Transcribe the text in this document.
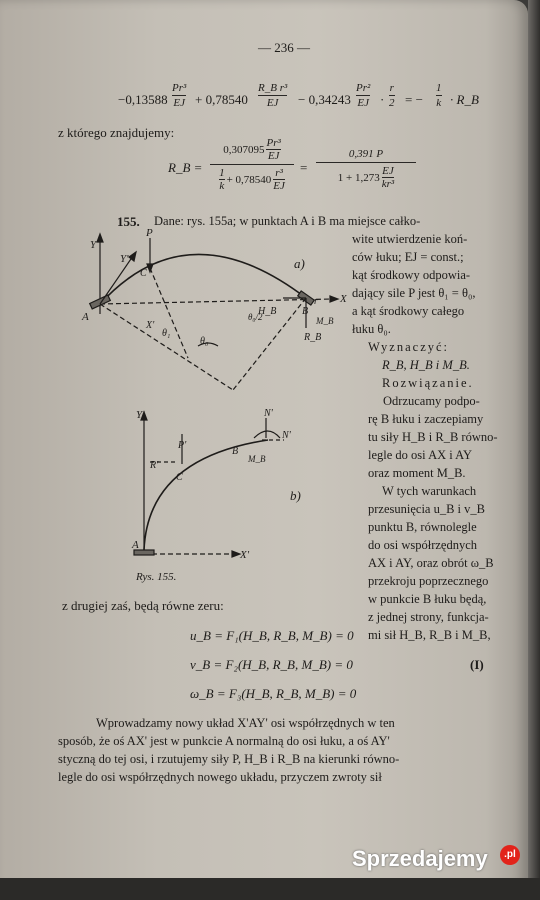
— 236 —
−0,13588
Pr³
EJ + 0,78540
R_B r³
EJ − 0,34243
Pr²
EJ ·
r
2 = −
1
k · R_B
z którego znajdujemy:
R_B =
0,307095
Pr³
EJ
1
k
+ 0,78540
r³
EJ
=
0,391 P
1 + 1,273
EJ
kr³
155. Dane: rys. 155a; w punktach A i B ma miejsce całko-
wite utwierdzenie koń-
ców łuku; EJ = const.;
kąt środkowy odpowia-
dający sile P jest θ₁ = θ₀,
a kąt środkowy całego
łuku θ₀.
Wyznaczyć:
R_B, H_B i M_B.
Rozwiązanie.
Odrzucamy podpo-
rę B łuku i zaczepiamy
tu siły H_B i R_B równo-
legle do osi AX i AY
oraz moment M_B.
W tych warunkach
przesunięcia u_B i v_B
punktu B, równolegle
do osi współrzędnych
AX i AY, oraz obrót ω_B
przekroju poprzecznego
w punkcie B łuku będą,
z jednej strony, funkcja-
mi sił H_B, R_B i M_B,
Y
Y'
P
C
A
X
r
X'
θ₁
θ₀
θ₀/2
H_B	B
M_B
R_B
a)
Y'	N'
P'
R'
C
B
M_B
N'
A
X'
b)
Rys. 155.
z drugiej zaś, będą równe zeru:
u_B = F₁(H_B, R_B, M_B) = 0
v_B = F₂(H_B, R_B, M_B) = 0
ω_B = F₃(H_B, R_B, M_B) = 0
(I)
Wprowadzamy nowy układ X'AY' osi współrzędnych w ten
sposób, że oś AX' jest w punkcie A normalną do osi łuku, a oś AY'
styczną do tej osi, i rzutujemy siły P, H_B i R_B na kierunki równo-
legle do osi współrzędnych nowego układu, przyczem zwroty sił
Sprzedajemy	.pl
